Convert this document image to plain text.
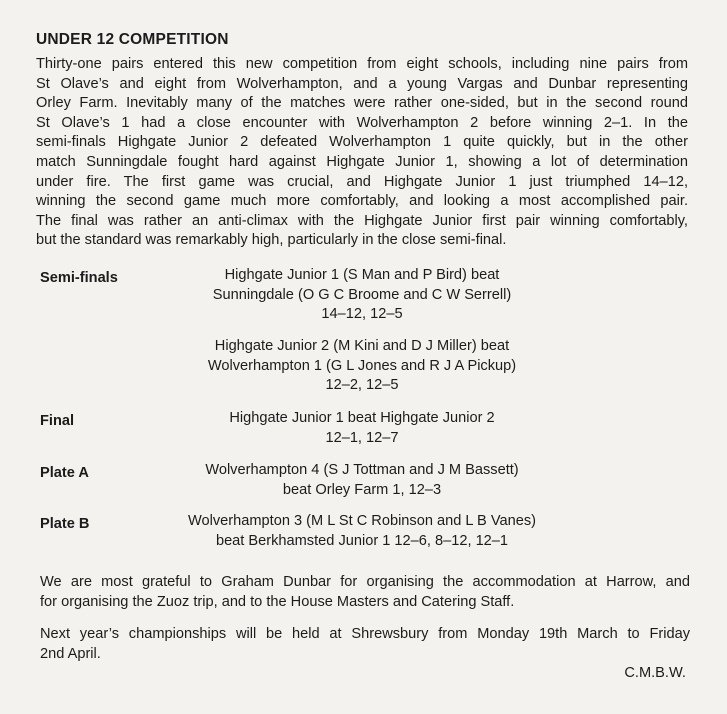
UNDER 12 COMPETITION
Thirty-one pairs entered this new competition from eight schools, including nine pairs from
St Olave’s and eight from Wolverhampton, and a young Vargas and Dunbar representing
Orley Farm. Inevitably many of the matches were rather one-sided, but in the second round
St Olave’s 1 had a close encounter with Wolverhampton 2 before winning 2–1. In the
semi-finals Highgate Junior 2 defeated Wolverhampton 1 quite quickly, but in the other
match Sunningdale fought hard against Highgate Junior 1, showing a lot of determination
under fire. The first game was crucial, and Highgate Junior 1 just triumphed 14–12,
winning the second game much more comfortably, and looking a most accomplished pair.
The final was rather an anti-climax with the Highgate Junior first pair winning comfortably,
but the standard was remarkably high, particularly in the close semi-final.
Semi-finals	Highgate Junior 1 (S Man and P Bird) beat
Sunningdale (O G C Broome and C W Serrell)
14–12, 12–5
Highgate Junior 2 (M Kini and D J Miller) beat
Wolverhampton 1 (G L Jones and R J A Pickup)
12–2, 12–5
Final	Highgate Junior 1 beat Highgate Junior 2
12–1, 12–7
Plate A	Wolverhampton 4 (S J Tottman and J M Bassett)
beat Orley Farm 1, 12–3
Plate B	Wolverhampton 3 (M L St C Robinson and L B Vanes)
beat Berkhamsted Junior 1 12–6, 8–12, 12–1
We are most grateful to Graham Dunbar for organising the accommodation at Harrow, and
for organising the Zuoz trip, and to the House Masters and Catering Staff.
Next year’s championships will be held at Shrewsbury from Monday 19th March to Friday
2nd April.
C.M.B.W.
